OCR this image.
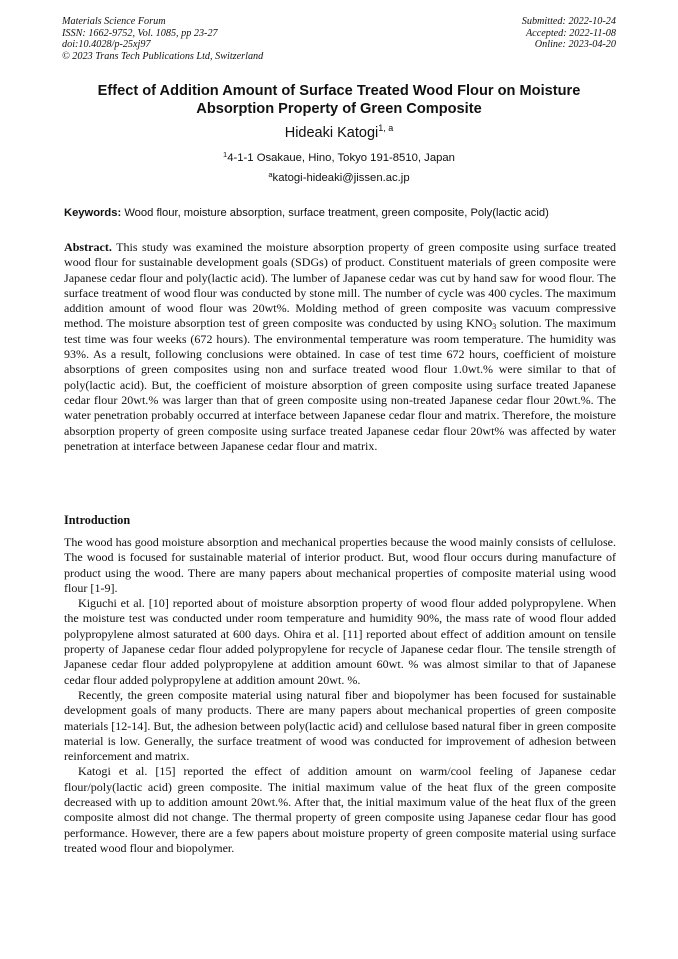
Materials Science Forum
ISSN: 1662-9752, Vol. 1085, pp 23-27
doi:10.4028/p-25xj97
© 2023 Trans Tech Publications Ltd, Switzerland
Submitted: 2022-10-24
Accepted: 2022-11-08
Online: 2023-04-20
Effect of Addition Amount of Surface Treated Wood Flour on Moisture Absorption Property of Green Composite
Hideaki Katogi$^{1, a}$
$^1$4-1-1 Osakaue, Hino, Tokyo 191-8510, Japan
$^a$katogi-hideaki@jissen.ac.jp
Keywords: Wood flour, moisture absorption, surface treatment, green composite, Poly(lactic acid)
Abstract. This study was examined the moisture absorption property of green composite using surface treated wood flour for sustainable development goals (SDGs) of product. Constituent materials of green composite were Japanese cedar flour and poly(lactic acid). The lumber of Japanese cedar was cut by hand saw for wood flour. The surface treatment of wood flour was conducted by stone mill. The number of cycle was 400 cycles. The maximum addition amount of wood flour was 20wt%. Molding method of green composite was vacuum compressive method. The moisture absorption test of green composite was conducted by using $KNO_3$ solution. The maximum test time was four weeks (672 hours). The environmental temperature was room temperature. The humidity was 93%. As a result, following conclusions were obtained. In case of test time 672 hours, coefficient of moisture absorptions of green composites using non and surface treated wood flour 1.0wt.% were similar to that of poly(lactic acid). But, the coefficient of moisture absorption of green composite using surface treated Japanese cedar flour 20wt.% was larger than that of green composite using non-treated Japanese cedar flour 20wt.%. The water penetration probably occurred at interface between Japanese cedar flour and matrix. Therefore, the moisture absorption property of green composite using surface treated Japanese cedar flour 20wt% was affected by water penetration at interface between Japanese cedar flour and matrix.
Introduction

The wood has good moisture absorption and mechanical properties because the wood mainly consists of cellulose. The wood is focused for sustainable material of interior product. But, wood flour occurs during manufacture of product using the wood. There are many papers about mechanical properties of composite material using wood flour [1-9].

Kiguchi et al. [10] reported about of moisture absorption property of wood flour added polypropylene. When the moisture test was conducted under room temperature and humidity 90%, the mass rate of wood flour added polypropylene almost saturated at 600 days. Ohira et al. [11] reported about effect of addition amount on tensile property of Japanese cedar flour added polypropylene for recycle of Japanese cedar flour. The tensile strength of Japanese cedar flour added polypropylene at addition amount 60wt. % was almost similar to that of Japanese cedar flour added polypropylene at addition amount 20wt. %.

Recently, the green composite material using natural fiber and biopolymer has been focused for sustainable development goals of many products. There are many papers about mechanical properties of green composite materials [12-14]. But, the adhesion between poly(lactic acid) and cellulose based natural fiber in green composite material is low. Generally, the surface treatment of wood was conducted for improvement of adhesion between reinforcement and matrix.

Katogi et al. [15] reported the effect of addition amount on warm/cool feeling of Japanese cedar flour/poly(lactic acid) green composite. The initial maximum value of the heat flux of the green composite decreased with up to addition amount 20wt.%. After that, the initial maximum value of the heat flux of the green composite almost did not change. The thermal property of green composite using Japanese cedar flour has good performance. However, there are a few papers about moisture property of green composite material using surface treated wood flour and biopolymer.
